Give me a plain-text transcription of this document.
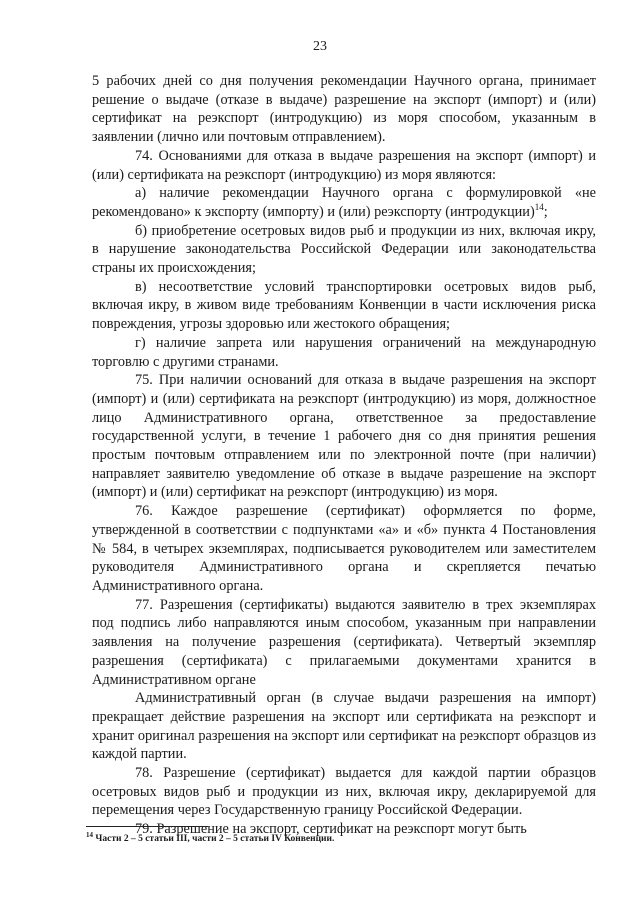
23

5 рабочих дней со дня получения рекомендации Научного органа, принимает решение о выдаче (отказе в выдаче) разрешение на экспорт (импорт) и (или) сертификат на реэкспорт (интродукцию) из моря способом, указанным в заявлении (лично или почтовым отправлением).

74. Основаниями для отказа в выдаче разрешения на экспорт (импорт) и (или) сертификата на реэкспорт (интродукцию) из моря являются:

а) наличие рекомендации Научного органа с формулировкой «не рекомендовано» к экспорту (импорту) и (или) реэкспорту (интродукции)$^{14}$;

б) приобретение осетровых видов рыб и продукции из них, включая икру, в нарушение законодательства Российской Федерации или законодательства страны их происхождения;

в) несоответствие условий транспортировки осетровых видов рыб, включая икру, в живом виде требованиям Конвенции в части исключения риска повреждения, угрозы здоровью или жестокого обращения;

г) наличие запрета или нарушения ограничений на международную торговлю с другими странами.

75. При наличии оснований для отказа в выдаче разрешения на экспорт (импорт) и (или) сертификата на реэкспорт (интродукцию) из моря, должностное лицо Административного органа, ответственное за предоставление государственной услуги, в течение 1 рабочего дня со дня принятия решения простым почтовым отправлением или по электронной почте (при наличии) направляет заявителю уведомление об отказе в выдаче разрешение на экспорт (импорт) и (или) сертификат на реэкспорт (интродукцию) из моря.

76. Каждое разрешение (сертификат) оформляется по форме, утвержденной в соответствии с подпунктами «а» и «б» пункта 4 Постановления № 584, в четырех экземплярах, подписывается руководителем или заместителем руководителя Административного органа и скрепляется печатью Административного органа.

77. Разрешения (сертификаты) выдаются заявителю в трех экземплярах под подпись либо направляются иным способом, указанным при направлении заявления на получение разрешения (сертификата). Четвертый экземпляр разрешения (сертификата) с прилагаемыми документами хранится в Административном органе

Административный орган (в случае выдачи разрешения на импорт) прекращает действие разрешения на экспорт или сертификата на реэкспорт и хранит оригинал разрешения на экспорт или сертификат на реэкспорт образцов из каждой партии.

78. Разрешение (сертификат) выдается для каждой партии образцов осетровых видов рыб и продукции из них, включая икру, декларируемой для перемещения через Государственную границу Российской Федерации.

79. Разрешение на экспорт, сертификат на реэкспорт могут быть

$^{14}$ Части 2 – 5 статьи III, части 2 – 5 статьи IV Конвенции.
